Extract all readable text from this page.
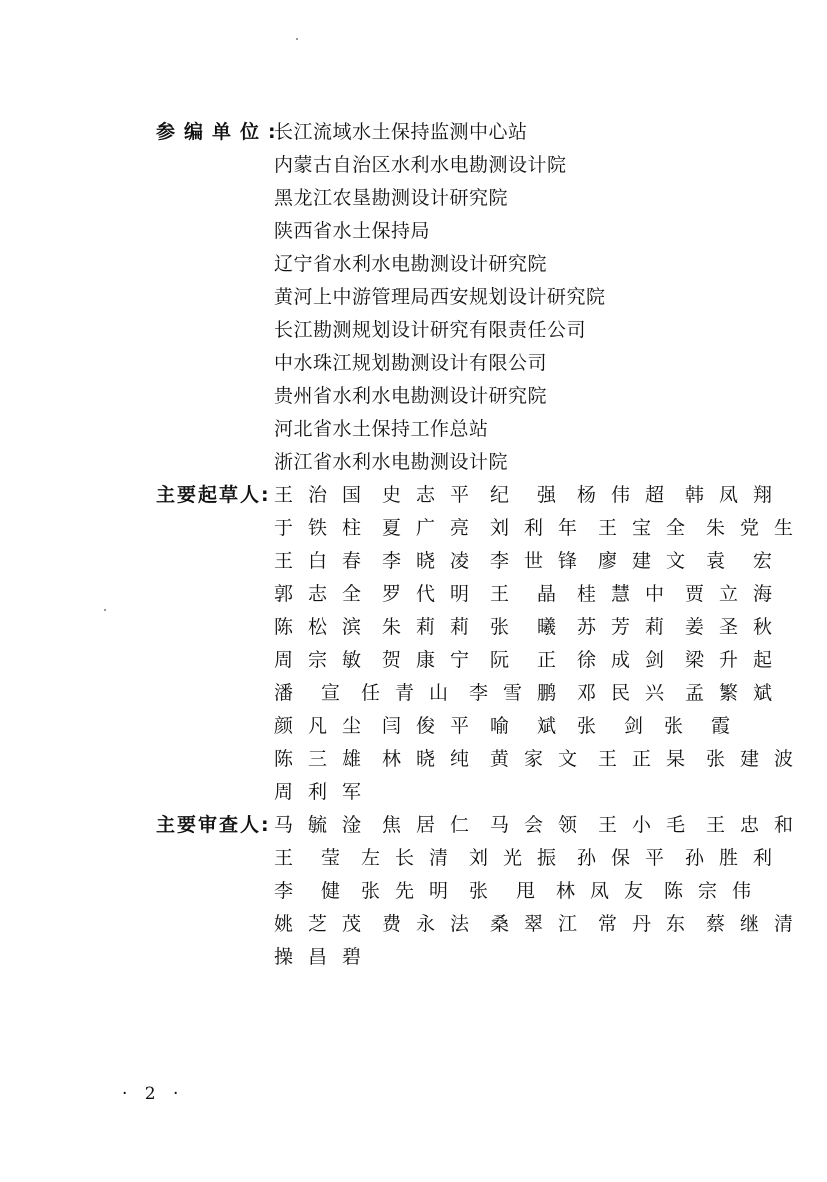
参编单位:
长江流域水土保持监测中心站
内蒙古自治区水利水电勘测设计院
黑龙江农垦勘测设计研究院
陕西省水土保持局
辽宁省水利水电勘测设计研究院
黄河上中游管理局西安规划设计研究院
长江勘测规划设计研究有限责任公司
中水珠江规划勘测设计有限公司
贵州省水利水电勘测设计研究院
河北省水土保持工作总站
浙江省水利水电勘测设计院
主要起草人: 王治国 史志平 纪强 杨伟超 韩凤翔
于铁柱 夏广亮 刘利年 王宝全 朱党生
王白春 李晓凌 李世锋 廖建文 袁宏
郭志全 罗代明 王晶 桂慧中 贾立海
陈松滨 朱莉莉 张曦 苏芳莉 姜圣秋
周宗敏 贺康宁 阮正 徐成剑 梁升起
潘宣 任青山 李雪鹏 邓民兴 孟繁斌
颜凡尘 闫俊平 喻斌 张剑 张霞
陈三雄 林晓纯 黄家文 王正杲 张建波
周利军
主要审查人: 马毓淦 焦居仁 马会领 王小毛 王忠和
王莹 左长清 刘光振 孙保平 孙胜利
李健 张先明 张甩 林凤友 陈宗伟
姚芝茂 费永法 桑翠江 常丹东 蔡继清
操昌碧
· 2 ·
